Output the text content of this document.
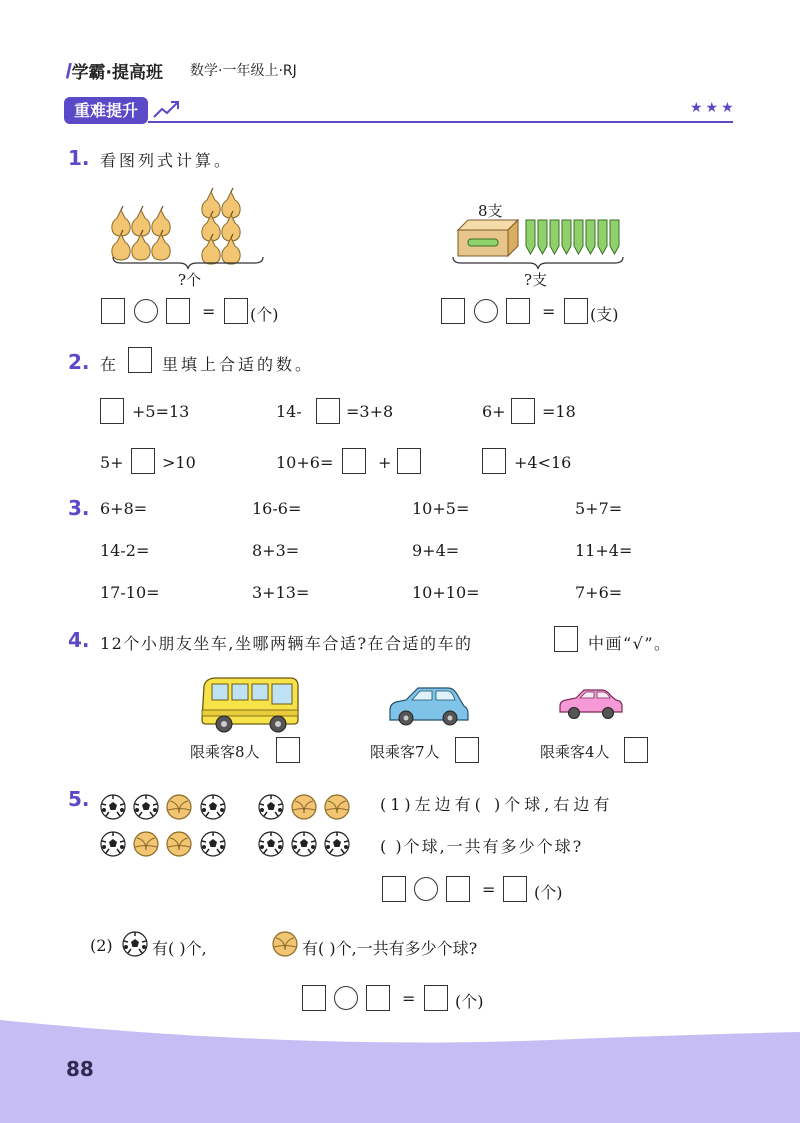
𝐼学霸·提高班 数学·一年级上·RJ
重难提升	★★★
1. 看图列式计算。
?个
8支
?支
= (个)	= (支)
2. 在	里填上合适的数。
+5=13	14-	=3+8	6+ =18
5+ >10	10+6=	+	+4<16
3. 6+8=	16-6=	10+5=	5+7=
14-2=	8+3=	9+4=	11+4=
17-10=	3+13=	10+10=	7+6=
4. 12个小朋友坐车,坐哪两辆车合适?在合适的车的	中画“√”。
限乘客8人	限乘客7人	限乘客4人
5.	(1)左边有( )个球,右边有
( )个球,一共有多少个球?
= (个)
(2) 有( )个,	有( )个,一共有多少个球?
= (个)
88
